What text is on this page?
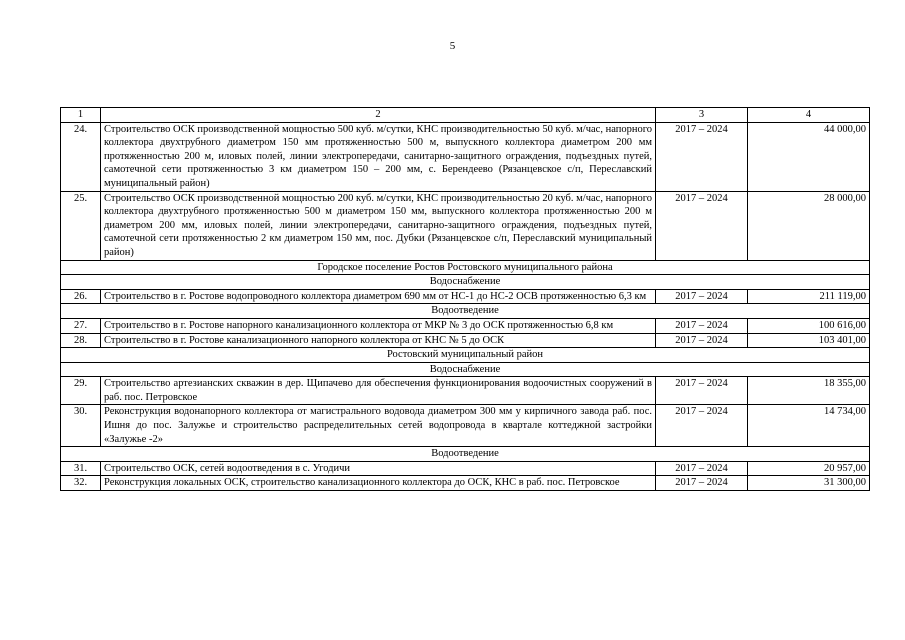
5
1	2	3	4
24.	Строительство ОСК производственной мощностью 500 куб. м/сутки, КНС производительностью 50 куб. м/час, напорного коллектора двухтрубного диаметром 150 мм протяженностью 500 м, выпускного коллектора диаметром 200 мм протяженностью 200 м, иловых полей, линии электропередачи, санитарно-защитного ограждения, подъездных путей, самотечной сети протяженностью 3 км диаметром 150 – 200 мм, с. Берендеево (Рязанцевское с/п, Переславский муниципальный район)	2017 – 2024	44 000,00
25.	Строительство ОСК производственной мощностью 200 куб. м/сутки, КНС производительностью 20 куб. м/час, напорного коллектора двухтрубного протяженностью 500 м диаметром 150 мм, выпускного коллектора протяженностью 200 м диаметром 200 мм, иловых полей, линии электропередачи, санитарно-защитного ограждения, подъездных путей, самотечной сети протяженностью 2 км диаметром 150 мм, пос. Дубки (Рязанцевское с/п, Переславский муниципальный район)	2017 – 2024	28 000,00
Городское поселение Ростов Ростовского муниципального района			
Водоснабжение			
26.	Строительство в г. Ростове водопроводного коллектора диаметром 690 мм от НС-1 до НС-2 ОСВ протяженностью 6,3 км	2017 – 2024	211 119,00
Водоотведение			
27.	Строительство в г. Ростове напорного канализационного коллектора от МКР № 3 до ОСК протяженностью 6,8 км	2017 – 2024	100 616,00
28.	Строительство в г. Ростове канализационного напорного коллектора от КНС № 5 до ОСК	2017 – 2024	103 401,00
Ростовский муниципальный район			
Водоснабжение			
29.	Строительство артезианских скважин в дер. Щипачево для обеспечения функционирования водоочистных сооружений в раб. пос. Петровское	2017 – 2024	18 355,00
30.	Реконструкция водонапорного коллектора от магистрального водовода диаметром 300 мм у кирпичного завода раб. пос. Ишня до пос. Залужье и строительство распределительных сетей водопровода в квартале коттеджной застройки «Залужье -2»	2017 – 2024	14 734,00
Водоотведение			
31.	Строительство ОСК, сетей водоотведения в с. Угодичи	2017 – 2024	20 957,00
32.	Реконструкция локальных ОСК, строительство канализационного коллектора до ОСК, КНС в раб. пос. Петровское	2017 – 2024	31 300,00
